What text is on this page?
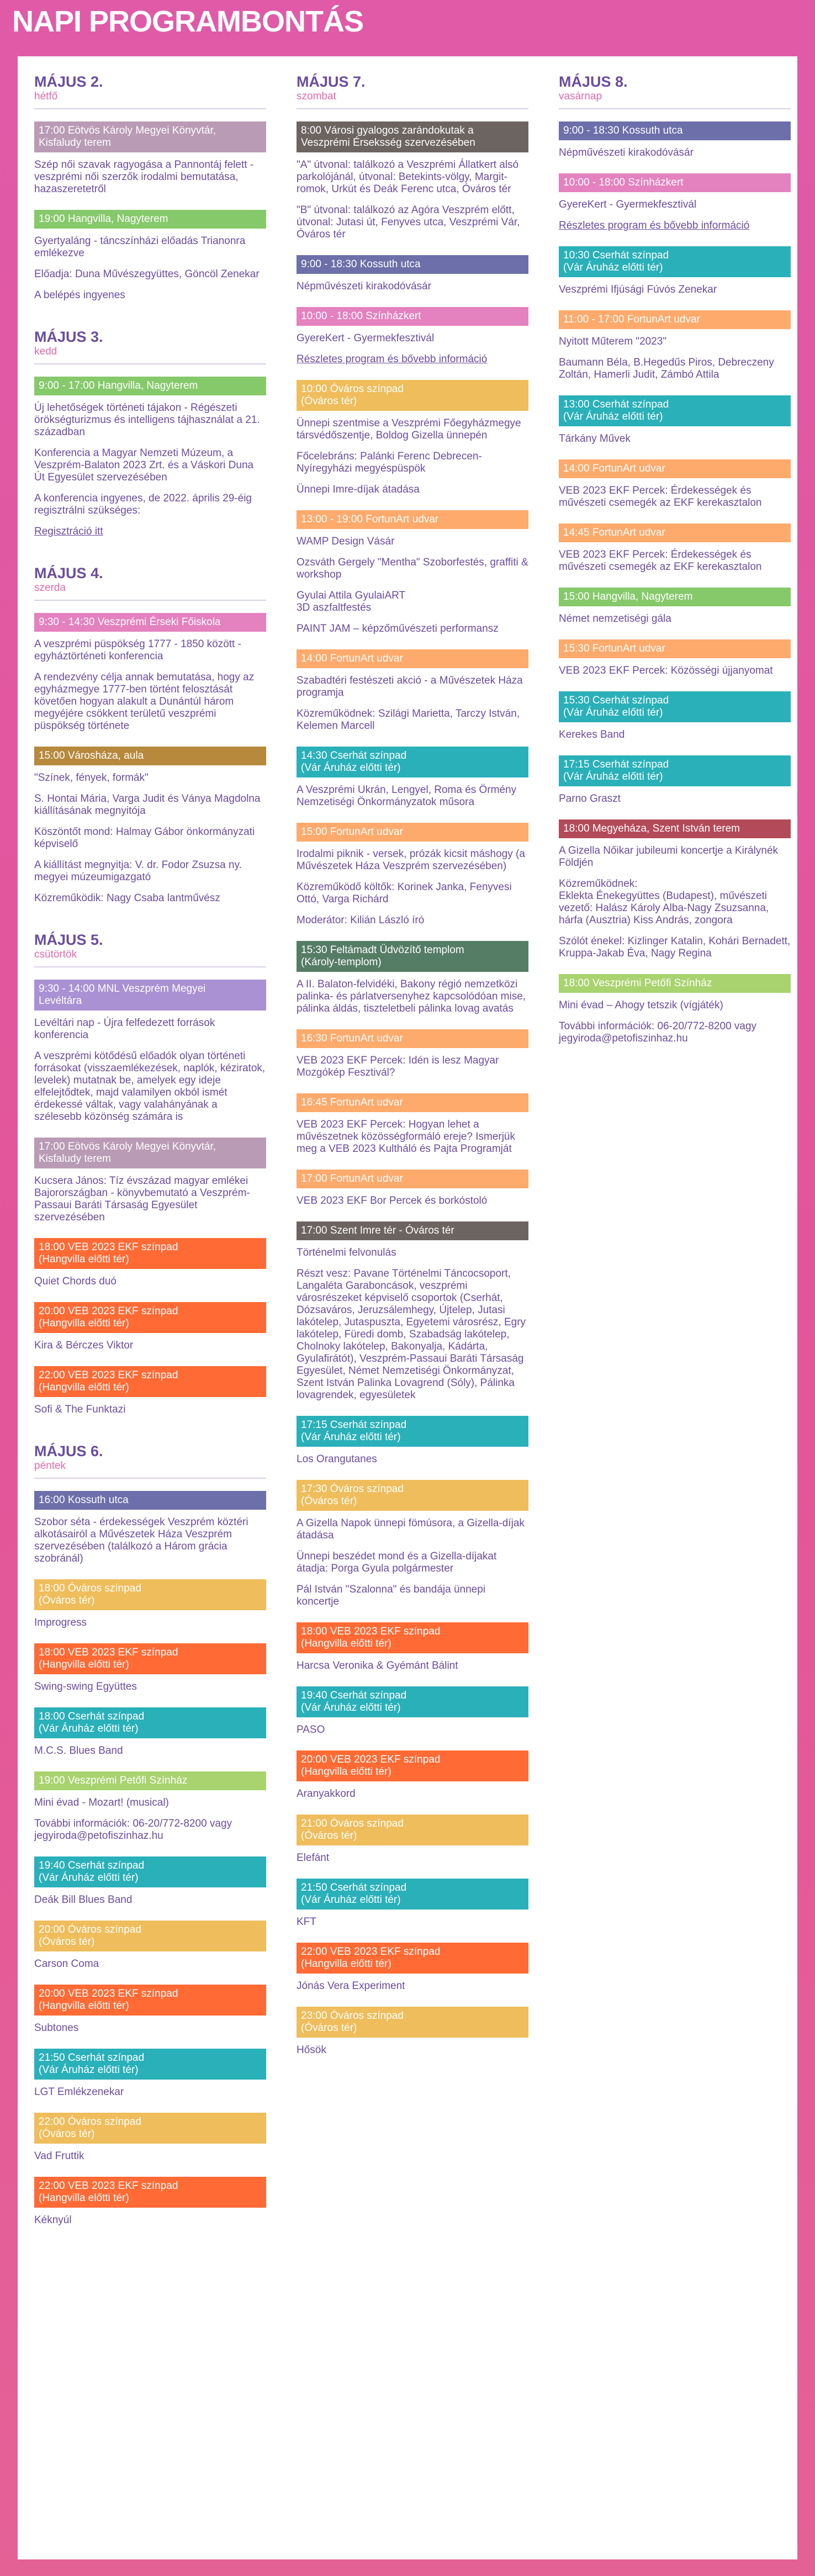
NAPI PROGRAMBONTÁS
MÁJUS 2.
hétfő
17:00 Eötvös Károly Megyei Könyvtár,
Kisfaludy terem

Szép női szavak ragyogása a Pannontáj felett - veszprémi női szerzők irodalmi bemutatása, hazaszeretetről

19:00 Hangvilla, Nagyterem

Gyertyaláng - táncszínházi előadás Trianonra emlékezve

Előadja: Duna Művészegyüttes, Göncöl Zenekar

A belépés ingyenes

MÁJUS 3.
kedd
9:00 - 17:00 Hangvilla, Nagyterem

Új lehetőségek történeti tájakon - Régészeti örökségturizmus és intelligens tájhasználat a 21. században

Konferencia a Magyar Nemzeti Múzeum, a Veszprém-Balaton 2023 Zrt. és a Váskori Duna Út Egyesület szervezésében

A konferencia ingyenes, de 2022. április 29-éig regisztrálni szükséges:

Regisztráció itt

MÁJUS 4.
szerda
9:30 - 14:30 Veszprémi Érseki Főiskola

A veszprémi püspökség 1777 - 1850 között - egyháztörténeti konferencia

A rendezvény célja annak bemutatása, hogy az egyházmegye 1777-ben történt felosztását követően hogyan alakult a Dunántúl három megyéjére csökkent területű veszprémi püspökség története

15:00 Városháza, aula

"Színek, fények, formák"

S. Hontai Mária, Varga Judit és Ványa Magdolna kiállításának megnyitója

Köszöntőt mond: Halmay Gábor önkormányzati képviselő

A kiállítást megnyitja: V. dr. Fodor Zsuzsa ny. megyei múzeumigazgató

Közreműködik: Nagy Csaba lantművész

MÁJUS 5.
csütörtök
9:30 - 14:00 MNL Veszprém Megyei
Levéltára

Levéltári nap - Újra felfedezett források konferencia

A veszprémi kötődésű előadók olyan történeti forrásokat (visszaemlékezések, naplók, kéziratok, levelek) mutatnak be, amelyek egy ideje elfelejtődtek, majd valamilyen okból ismét érdekessé váltak, vagy valahányának a szélesebb közönség számára is

17:00 Eötvös Károly Megyei Könyvtár,
Kisfaludy terem

Kucsera János: Tíz évszázad magyar emlékei Bajorországban - könyvbemutató a Veszprém-Passaui Baráti Társaság Egyesület szervezésében

18:00 VEB 2023 EKF színpad
(Hangvilla előtti tér)

Quiet Chords duó

20:00 VEB 2023 EKF színpad
(Hangvilla előtti tér)

Kira & Bérczes Viktor

22:00 VEB 2023 EKF színpad
(Hangvilla előtti tér)

Sofi & The Funktazi

MÁJUS 6.
péntek
16:00 Kossuth utca

Szobor séta - érdekességek Veszprém köztéri alkotásairól a Művészetek Háza Veszprém szervezésében (találkozó a Három grácia szobránál)

18:00 Óváros színpad
(Óváros tér)

Improgress

18:00 VEB 2023 EKF színpad
(Hangvilla előtti tér)

Swing-swing Együttes

18:00 Cserhát színpad
(Vár Áruház előtti tér)

M.C.S. Blues Band

19:00 Veszprémi Petőfi Színház

Mini évad - Mozart! (musical)

További információk: 06-20/772-8200 vagy jegyiroda@petofiszinhaz.hu

19:40 Cserhát színpad
(Vár Áruház előtti tér)

Deák Bill Blues Band

20:00 Óváros színpad
(Óváros tér)

Carson Coma

20:00 VEB 2023 EKF színpad
(Hangvilla előtti tér)

Subtones

21:50 Cserhát színpad
(Vár Áruház előtti tér)

LGT Emlékzenekar

22:00 Óváros színpad
(Óváros tér)

Vad Fruttik

22:00 VEB 2023 EKF színpad
(Hangvilla előtti tér)

Kéknyúl

MÁJUS 7.
szombat
8:00 Városi gyalogos zarándokutak a
Veszprémi Érseksség szervezésében

"A" útvonal: találkozó a Veszprémi Állatkert alsó parkolójánál, útvonal: Betekints-völgy, Margit-romok, Urkút és Deák Ferenc utca, Óváros tér

"B" útvonal: találkozó az Agóra Veszprém előtt, útvonal: Jutasi út, Fenyves utca, Veszprémi Vár, Óváros tér

9:00 - 18:30 Kossuth utca

Népművészeti kirakodóvásár

10:00 - 18:00 Színházkert

GyereKert - Gyermekfesztivál

Részletes program és bővebb információ

10:00 Óváros színpad
(Óváros tér)

Ünnepi szentmise a Veszprémi Főegyházmegye társvédőszentje, Boldog Gizella ünnepén

Főcelebráns: Palánki Ferenc Debrecen-Nyíregyházi megyéspüspök

Ünnepi Imre-díjak átadása

13:00 - 19:00 FortunArt udvar

WAMP Design Vásár

Ozsváth Gergely "Mentha" Szoborfestés, graffiti & workshop

Gyulai Attila GyulaiART
3D aszfaltfestés

PAINT JAM – képzőművészeti performansz

14:00 FortunArt udvar

Szabadtéri festészeti akció - a Művészetek Háza programja

Közreműködnek: Szilági Marietta, Tarczy István, Kelemen Marcell

14:30 Cserhát színpad
(Vár Áruház előtti tér)

A Veszprémi Ukrán, Lengyel, Roma és Örmény Nemzetiségi Önkormányzatok műsora

15:00 FortunArt udvar

Irodalmi piknik - versek, prózák kicsit máshogy (a Művészetek Háza Veszprém szervezésében)

Közreműködő költők: Korinek Janka, Fenyvesi Ottó, Varga Richárd

Moderátor: Kilián László író

15:30 Feltámadt Üdvözítő templom
(Károly-templom)

A II. Balaton-felvidéki, Bakony régió nemzetközi palinka- és párlatversenyhez kapcsolódóan mise, pálinka áldás, tiszteletbeli pálinka lovag avatás

16:30 FortunArt udvar

VEB 2023 EKF Percek: Idén is lesz Magyar Mozgókép Fesztivál?

16:45 FortunArt udvar

VEB 2023 EKF Percek: Hogyan lehet a művészetnek közösségformáló ereje? Ismerjük meg a VEB 2023 Kultháló és Pajta Programját

17:00 FortunArt udvar

VEB 2023 EKF Bor Percek és borkóstoló

17:00 Szent Imre tér - Óváros tér

Történelmi felvonulás

Részt vesz: Pavane Történelmi Táncocsoport, Langaléta Garaboncások, veszprémi városrészeket képviselő csoportok (Cserhát, Dózsaváros, Jeruzsálemhegy, Újtelep, Jutasi lakótelep, Jutaspuszta, Egyetemi városrész, Egry lakótelep, Füredi domb, Szabadság lakótelep, Cholnoky lakótelep, Bakonyalja, Kádárta, Gyulafirátót), Veszprém-Passaui Baráti Társaság Egyesület, Német Nemzetiségi Önkormányzat, Szent István Palinka Lovagrend (Sóly), Pálinka lovagrendek, egyesületek

17:15 Cserhát színpad
(Vár Áruház előtti tér)

Los Orangutanes

17:30 Óváros színpad
(Óváros tér)

A Gizella Napok ünnepi fömúsora, a Gizella-díjak átadása

Ünnepi beszédet mond és a Gizella-díjakat átadja: Porga Gyula polgármester

Pál István "Szalonna" és bandája ünnepi koncertje

18:00 VEB 2023 EKF színpad
(Hangvilla előtti tér)

Harcsa Veronika & Gyémánt Bálint

19:40 Cserhát színpad
(Vár Áruház előtti tér)

PASO

20:00 VEB 2023 EKF színpad
(Hangvilla előtti tér)

Aranyakkord

21:00 Óváros színpad
(Óváros tér)

Elefánt

21:50 Cserhát színpad
(Vár Áruház előtti tér)

KFT

22:00 VEB 2023 EKF színpad
(Hangvilla előtti tér)

Jónás Vera Experiment

23:00 Óváros színpad
(Óváros tér)

Hősök

MÁJUS 8.
vasárnap
9:00 - 18:30 Kossuth utca

Népművészeti kirakodóvásár

10:00 - 18:00 Színházkert

GyereKert - Gyermekfesztivál

Részletes program és bővebb információ

10:30 Cserhát színpad
(Vár Áruház előtti tér)

Veszprémi Ifjúsági Fúvós Zenekar

11:00 - 17:00 FortunArt udvar

Nyitott Műterem "2023"

Baumann Béla, B.Hegedűs Piros, Debreczeny Zoltán, Hamerli Judit, Zámbó Attila

13:00 Cserhát színpad
(Vár Áruház előtti tér)

Tárkány Művek

14:00 FortunArt udvar

VEB 2023 EKF Percek: Érdekességek és művészeti csemegék az EKF kerekasztalon

14:45 FortunArt udvar

VEB 2023 EKF Percek: Érdekességek és művészeti csemegék az EKF kerekasztalon

15:00 Hangvilla, Nagyterem

Német nemzetiségi gála

15:30 FortunArt udvar

VEB 2023 EKF Percek: Közösségi újjanyomat

15:30 Cserhát színpad
(Vár Áruház előtti tér)

Kerekes Band

17:15 Cserhát színpad
(Vár Áruház előtti tér)

Parno Graszt

18:00 Megyeháza, Szent István terem

A Gizella Nőikar jubileumi koncertje a Királynék Földjén

Közreműködnek:
Eklekta Énekegyüttes (Budapest), művészeti vezető: Halász Károly Alba-Nagy Zsuzsanna, hárfa (Ausztria) Kiss András, zongora

Szólót énekel: Kizlinger Katalin, Kohári Bernadett, Kruppa-Jakab Éva, Nagy Regina

18:00 Veszprémi Petőfi Színház

Mini évad – Ahogy tetszik (vígjáték)

További információk: 06-20/772-8200 vagy jegyiroda@petofiszinhaz.hu
